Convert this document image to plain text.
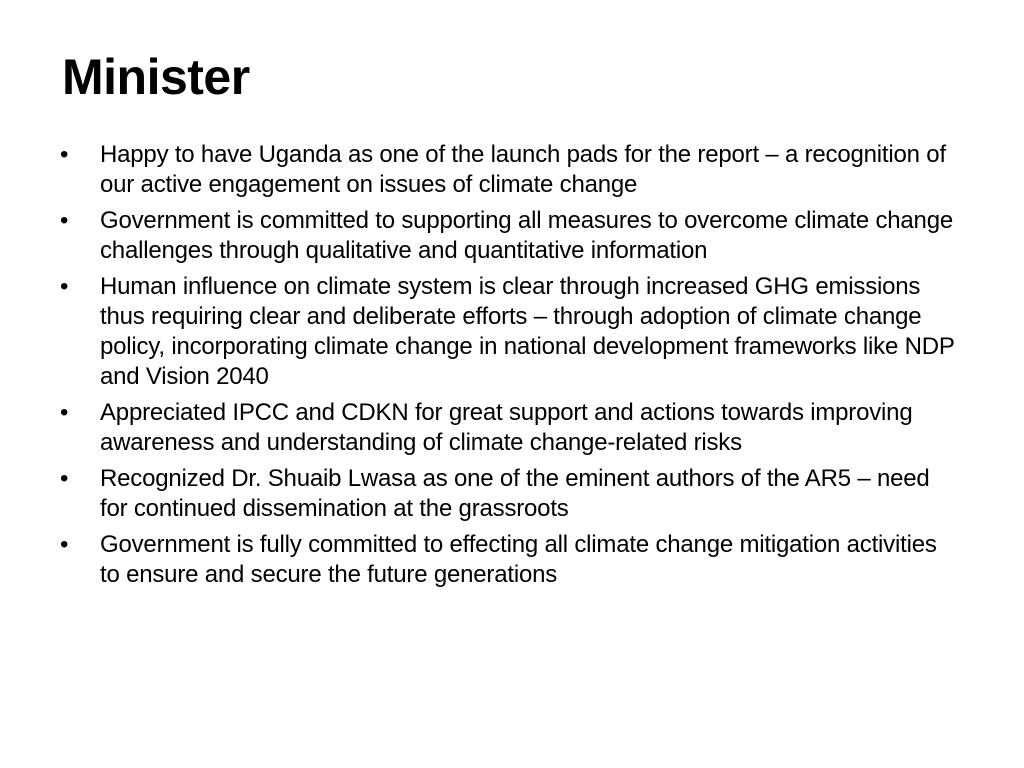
Minister
•	Happy to have Uganda as one of the launch pads for the report – a recognition of our active engagement on issues of climate change
•	Government is committed to supporting all measures to overcome climate change challenges through qualitative and quantitative information
•	Human influence on climate system is clear through increased GHG emissions thus requiring clear and deliberate efforts – through adoption of climate change policy, incorporating climate change in national development frameworks like NDP and Vision 2040
•	Appreciated IPCC and CDKN for great support and actions towards improving awareness and understanding of climate change-related risks
•	Recognized Dr. Shuaib Lwasa as one of the eminent authors of the AR5 – need for continued dissemination at the grassroots
•	Government is fully committed to effecting all climate change mitigation activities to ensure and secure the future generations
